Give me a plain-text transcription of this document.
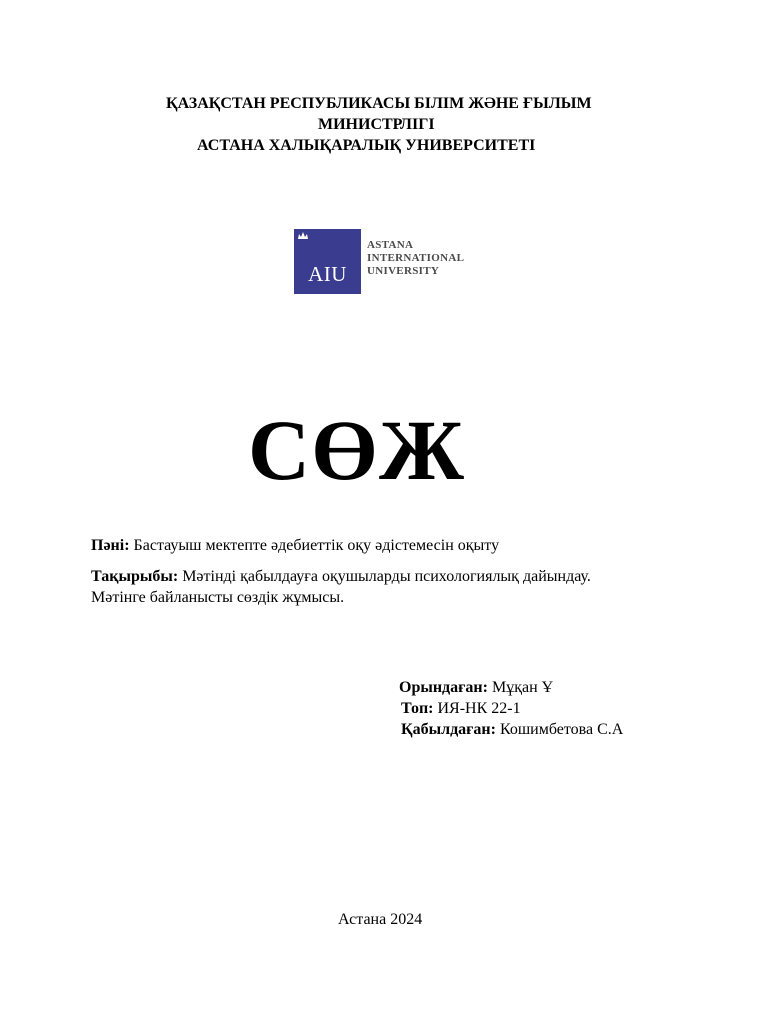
ҚАЗАҚСТАН РЕСПУБЛИКАСЫ БІЛІМ ЖӘНЕ ҒЫЛЫМ
МИНИСТРЛІГІ
АСТАНА ХАЛЫҚАРАЛЫҚ УНИВЕРСИТЕТІ
AIU
ASTANA
INTERNATIONAL
UNIVERSITY
СӨЖ
Пәні: Бастауыш мектепте әдебиеттік оқу әдістемесін оқыту
Тақырыбы: Мәтінді қабылдауға оқушыларды психологиялық дайындау.
Мәтінге байланысты сөздік жұмысы.
Орындаған: Мұқан Ұ
Топ: ИЯ-НК 22-1
Қабылдаған: Кошимбетова С.А
Астана 2024
